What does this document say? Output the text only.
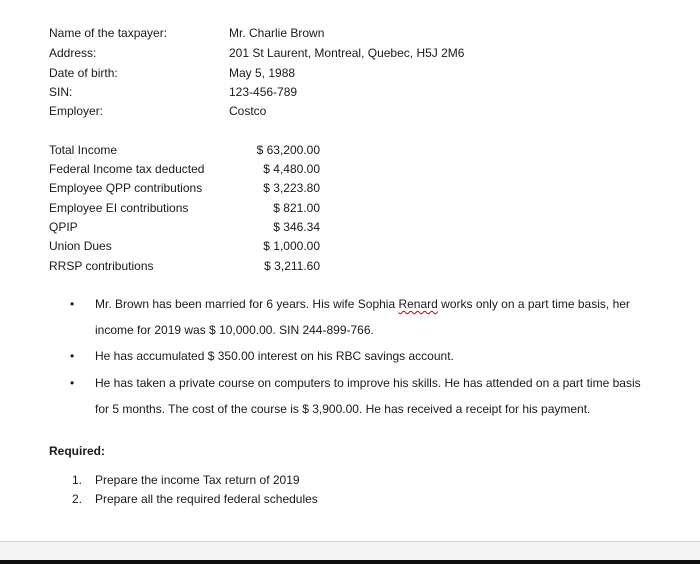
Name of the taxpayer:	Mr. Charlie Brown
Address:	201 St Laurent, Montreal, Quebec, H5J 2M6
Date of birth:	May 5, 1988
SIN:	123-456-789
Employer:	Costco
Total Income	$ 63,200.00
Federal Income tax deducted	$ 4,480.00
Employee QPP contributions	$ 3,223.80
Employee EI contributions	$ 821.00
QPIP	$ 346.34
Union Dues	$ 1,000.00
RRSP contributions	$ 3,211.60
• Mr. Brown has been married for 6 years. His wife Sophia Renard works only on a part time basis, her
income for 2019 was $ 10,000.00. SIN 244-899-766.
• He has accumulated $ 350.00 interest on his RBC savings account.
• He has taken a private course on computers to improve his skills. He has attended on a part time basis
for 5 months. The cost of the course is $ 3,900.00. He has received a receipt for his payment.
Required:
1. Prepare the income Tax return of 2019
2. Prepare all the required federal schedules
